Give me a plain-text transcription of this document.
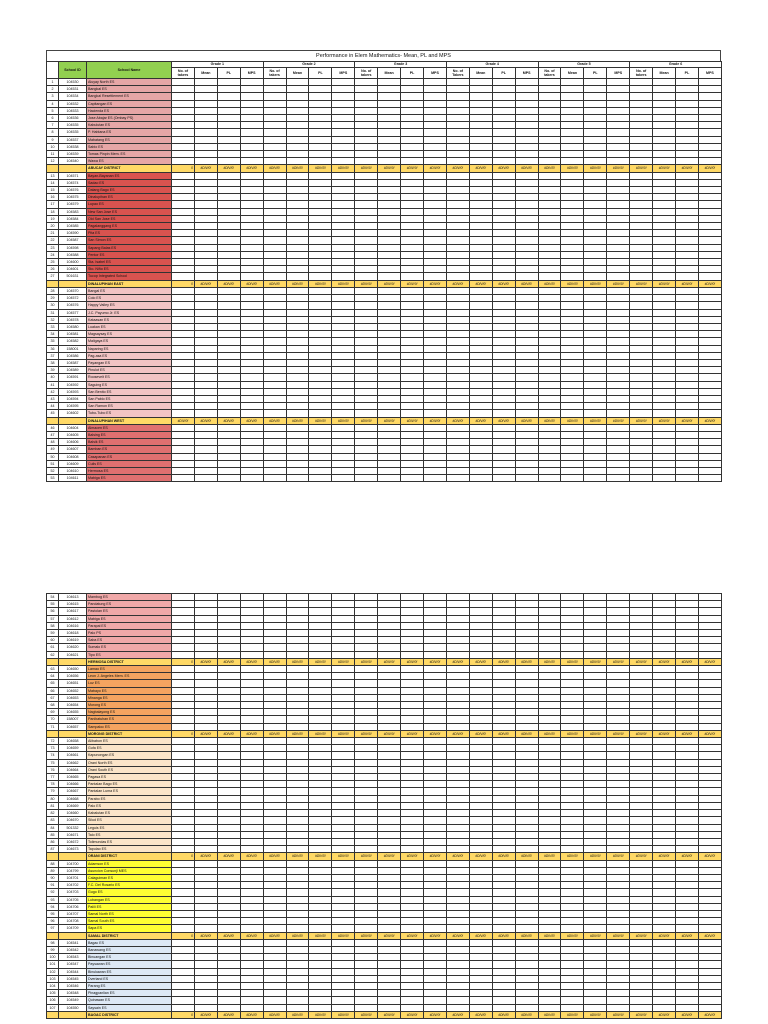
Performance in Elem Mathematics- Mean, PL and MPS
	School ID	School Name	Grade 1				Grade 2				Grade 3				Grade 4				Grade 5				Grade 6			
			No. of takers	Mean	PL	MPS	No. of takers	Mean	PL	MPS	No. of takers	Mean	PL	MPS	No. of Takers	Mean	PL	MPS	No. of takers	Mean	PL	MPS	No. of takers	Mean	PL	MPS
1	104530	Aluyay North ES																								
2	104531	Bangkal ES																								
3	104534	Bangkal Resettlement ES																								
4	104532	Capitangan ES																								
5	104533	Hacienda ES																								
6	104536	Jose Abajar ES (Ombay PS)																								
7	104535	Kabulutan ES																								
8	104535	P. Hablana ES																								
9	104537	Mabatang ES																								
10	104538	Sabio ES																								
11	104539	Tomas Pinpin Mem. ES																								
12	104540	Wawa ES																								
		ABUCAY DISTRICT	0	#DIV/0!	#DIV/0!	#DIV/0!	#DIV/0!	#DIV/0!	#DIV/0!	#DIV/0!	#DIV/0!	#DIV/0!	#DIV/0!	#DIV/0!	#DIV/0!	#DIV/0!	#DIV/0!	#DIV/0!	#DIV/0!	#DIV/0!	#DIV/0!	#DIV/0!	#DIV/0!	#DIV/0!	#DIV/0!	#DIV/0!
13	104571	Bayan-Bayanan ES																								
14	104574	Sadao ES																								
15	104576	Dalang Bago ES																								
16	104575	Dinalupihan ES																								
17	104579	Lupao ES																								
18	104583	New San Jose ES																								
19	104584	Old San Jose ES																								
20	104585	Pagalanggang ES																								
21	104590	Pita ES																								
22	104587	San Simon ES																								
23	104598	Sapang Balas ES																								
24	104588	Pentor ES																								
25	104600	Sta. Isabel ES																								
26	104601	Sto. Niño ES																								
27	501631	Tucop Integrated School																								
		DINALUPIHAN EAST	0	#DIV/0!	#DIV/0!	#DIV/0!	#DIV/0!	#DIV/0!	#DIV/0!	#DIV/0!	#DIV/0!	#DIV/0!	#DIV/0!	#DIV/0!	#DIV/0!	#DIV/0!	#DIV/0!	#DIV/0!	#DIV/0!	#DIV/0!	#DIV/0!	#DIV/0!	#DIV/0!	#DIV/0!	#DIV/0!	#DIV/0!
28	104570	Bangal ES																								
29	104572	Colo ES																								
30	104576	Happy Valley ES																								
31	104577	J.C. Payumo Jr. ES																								
32	104578	Kataasan ES																								
33	104580	Luakan ES																								
34	104581	Magsaysay ES																								
35	104582	Maligaya ES																								
36	158001	Naparing ES																								
37	104586	Pag-asa ES																								
38	104587	Payangan ES																								
39	104589	Pinulot ES																								
40	104591	Roosevelt ES																								
41	104592	Saguing ES																								
42	104593	San Benito ES																								
43	104594	San Pablo ES																								
44	104595	San Ramon ES																								
45	104602	Tubo-Tubo ES																								
		DINALUPIHAN WEST	#DIV/0!	#DIV/0!	#DIV/0!	#DIV/0!	#DIV/0!	#DIV/0!	#DIV/0!	#DIV/0!	#DIV/0!	#DIV/0!	#DIV/0!	#DIV/0!	#DIV/0!	#DIV/0!	#DIV/0!	#DIV/0!	#DIV/0!	#DIV/0!	#DIV/0!	#DIV/0!	#DIV/0!	#DIV/0!	#DIV/0!	#DIV/0!
46	104604	Almacen ES																								
47	104605	Balsing ES																								
48	104606	Balsik ES																								
49	104607	Bamban ES																								
50	104608	Casapanan ES																								
51	104609	Culis ES																								
52	104610	Hermosa ES																								
53	104611	Mabiga ES																								
54	104613	Mambog ES																								
55	104615	Pandatung ES																								
56	104617	Pastolan ES																								
57	104612	Mabiga ES																								
58	104616	Parapal ES																								
59	104618	Palo PS																								
60	104619	Saba ES																								
61	104620	Sumalo ES																								
62	104621	Tipo ES																								
		HERMOSA DISTRICT	0	#DIV/0!	#DIV/0!	#DIV/0!	#DIV/0!	#DIV/0!	#DIV/0!	#DIV/0!	#DIV/0!	#DIV/0!	#DIV/0!	#DIV/0!	#DIV/0!	#DIV/0!	#DIV/0!	#DIV/0!	#DIV/0!	#DIV/0!	#DIV/0!	#DIV/0!	#DIV/0!	#DIV/0!	#DIV/0!	#DIV/0!
63	104650	Lamao ES																								
64	104656	Leon J. Angeles Mem. ES																								
65	104651	Luz ES																								
66	104652	Mabayo ES																								
67	104653	Minanga ES																								
68	104654	Morong ES																								
69	104655	Nagbalayong ES																								
70	158007	Panibatuhan ES																								
71	104657	Sampaloc ES																								
		MORONG DISTRICT	0	#DIV/0!	#DIV/0!	#DIV/0!	#DIV/0!	#DIV/0!	#DIV/0!	#DIV/0!	#DIV/0!	#DIV/0!	#DIV/0!	#DIV/0!	#DIV/0!	#DIV/0!	#DIV/0!	#DIV/0!	#DIV/0!	#DIV/0!	#DIV/0!	#DIV/0!	#DIV/0!	#DIV/0!	#DIV/0!	#DIV/0!
72	104658	Alibabon ES																								
73	104659	Gufa ES																								
74	104661	Kapunongan ES																								
75	104662	Orani North ES																								
76	104664	Orani South ES																								
77	104665	Pagasa ES																								
78	104666	Pantalan Bago ES																								
79	104667	Pantalan Luma ES																								
80	104668	Parabo ES																								
81	104669	Palo ES																								
82	104660	Kabalutan ES																								
83	104670	Silud ES																								
84	501332	Leguis ES																								
85	104671	Talo ES																								
86	104672	Tolimundas ES																								
87	104673	Tapulao ES																								
		ORANI DISTRICT	0	#DIV/0!	#DIV/0!	#DIV/0!	#DIV/0!	#DIV/0!	#DIV/0!	#DIV/0!	#DIV/0!	#DIV/0!	#DIV/0!	#DIV/0!	#DIV/0!	#DIV/0!	#DIV/0!	#DIV/0!	#DIV/0!	#DIV/0!	#DIV/0!	#DIV/0!	#DIV/0!	#DIV/0!	#DIV/0!	#DIV/0!
88	104700	Adamson ES																								
89	104799	Asuncion Consunji MES																								
90	104701	Calaguiman ES																								
91	104702	F.C. Del Rosario ES																								
92	104703	Gugo ES																								
93	104705	Lubangan ES																								
94	104706	Palili ES																								
95	104707	Samal North ES																								
96	104708	Samal South ES																								
97	104709	Sapa ES																								
		SAMAL DISTRICT	0	#DIV/0!	#DIV/0!	#DIV/0!	#DIV/0!	#DIV/0!	#DIV/0!	#DIV/0!	#DIV/0!	#DIV/0!	#DIV/0!	#DIV/0!	#DIV/0!	#DIV/0!	#DIV/0!	#DIV/0!	#DIV/0!	#DIV/0!	#DIV/0!	#DIV/0!	#DIV/0!	#DIV/0!	#DIV/0!	#DIV/0!
98	104541	Bagac ES																								
99	104542	Banawang ES																								
100	104543	Binuangan ES																								
101	104547	Paysawan ES																								
102	104544	Binukawan ES																								
103	104545	Dverland ES																								
104	104546	Parang ES																								
105	104548	Pinagpanlian ES																								
106	104549	Quinawan ES																								
107	104550	Saysain ES																								
		BAGAC DISTRICT	0	#DIV/0!	#DIV/0!	#DIV/0!	#DIV/0!	#DIV/0!	#DIV/0!	#DIV/0!	#DIV/0!	#DIV/0!	#DIV/0!	#DIV/0!	#DIV/0!	#DIV/0!	#DIV/0!	#DIV/0!	#DIV/0!	#DIV/0!	#DIV/0!	#DIV/0!	#DIV/0!	#DIV/0!	#DIV/0!	#DIV/0!
